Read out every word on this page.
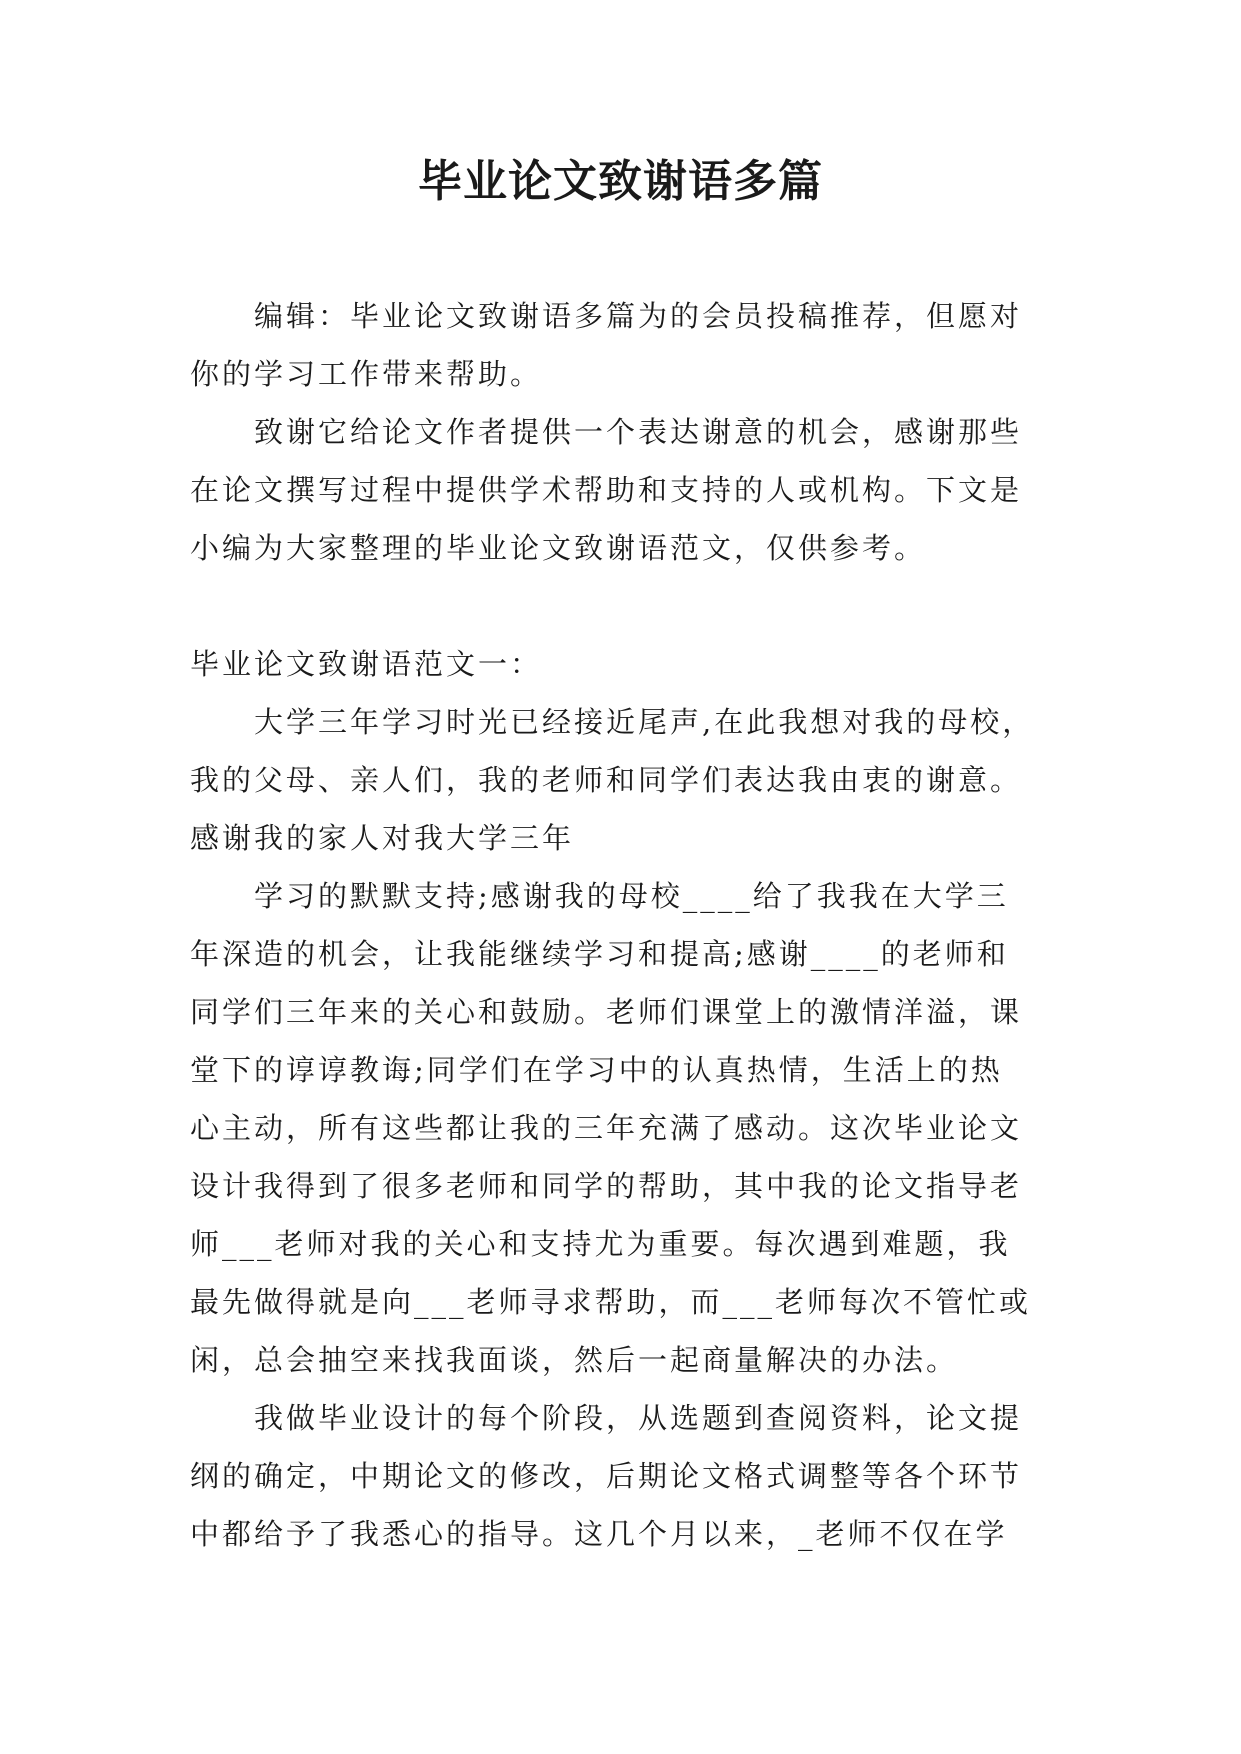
毕业论文致谢语多篇
　　编辑：毕业论文致谢语多篇为的会员投稿推荐，但愿对
你的学习工作带来帮助。
　　致谢它给论文作者提供一个表达谢意的机会，感谢那些
在论文撰写过程中提供学术帮助和支持的人或机构。下文是
小编为大家整理的毕业论文致谢语范文，仅供参考。
毕业论文致谢语范文一：
　　大学三年学习时光已经接近尾声,在此我想对我的母校，
我的父母、亲人们，我的老师和同学们表达我由衷的谢意。
感谢我的家人对我大学三年
　　学习的默默支持;感谢我的母校____给了我我在大学三
年深造的机会，让我能继续学习和提高;感谢____的老师和
同学们三年来的关心和鼓励。老师们课堂上的激情洋溢，课
堂下的谆谆教诲;同学们在学习中的认真热情，生活上的热
心主动，所有这些都让我的三年充满了感动。这次毕业论文
设计我得到了很多老师和同学的帮助，其中我的论文指导老
师___老师对我的关心和支持尤为重要。每次遇到难题，我
最先做得就是向___老师寻求帮助，而___老师每次不管忙或
闲，总会抽空来找我面谈，然后一起商量解决的办法。
　　我做毕业设计的每个阶段，从选题到查阅资料，论文提
纲的确定，中期论文的修改，后期论文格式调整等各个环节
中都给予了我悉心的指导。这几个月以来，_老师不仅在学
